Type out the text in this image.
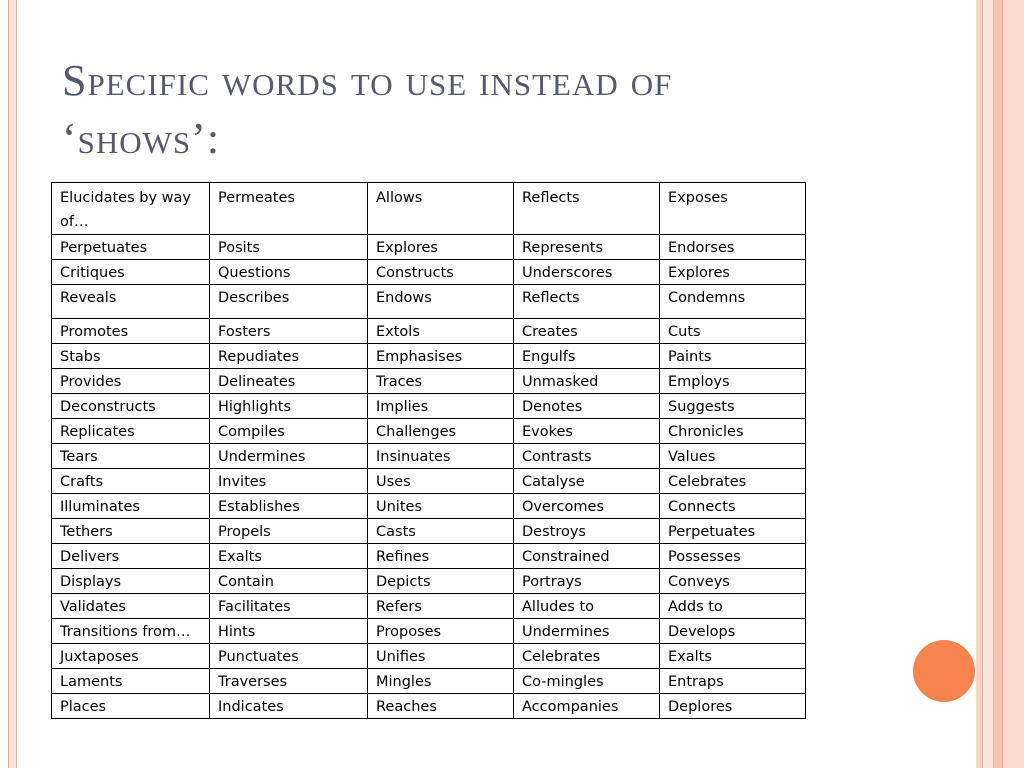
Specific words to use instead of
‘shows’:
Elucidates by way of…	Permeates	Allows	Reflects	Exposes
Perpetuates	Posits	Explores	Represents	Endorses
Critiques	Questions	Constructs	Underscores	Explores
Reveals	Describes	Endows	Reflects	Condemns
Promotes	Fosters	Extols	Creates	Cuts
Stabs	Repudiates	Emphasises	Engulfs	Paints
Provides	Delineates	Traces	Unmasked	Employs
Deconstructs	Highlights	Implies	Denotes	Suggests
Replicates	Compiles	Challenges	Evokes	Chronicles
Tears	Undermines	Insinuates	Contrasts	Values
Crafts	Invites	Uses	Catalyse	Celebrates
Illuminates	Establishes	Unites	Overcomes	Connects
Tethers	Propels	Casts	Destroys	Perpetuates
Delivers	Exalts	Refines	Constrained	Possesses
Displays	Contain	Depicts	Portrays	Conveys
Validates	Facilitates	Refers	Alludes to	Adds to
Transitions from…	Hints	Proposes	Undermines	Develops
Juxtaposes	Punctuates	Unifies	Celebrates	Exalts
Laments	Traverses	Mingles	Co-mingles	Entraps
Places	Indicates	Reaches	Accompanies	Deplores
